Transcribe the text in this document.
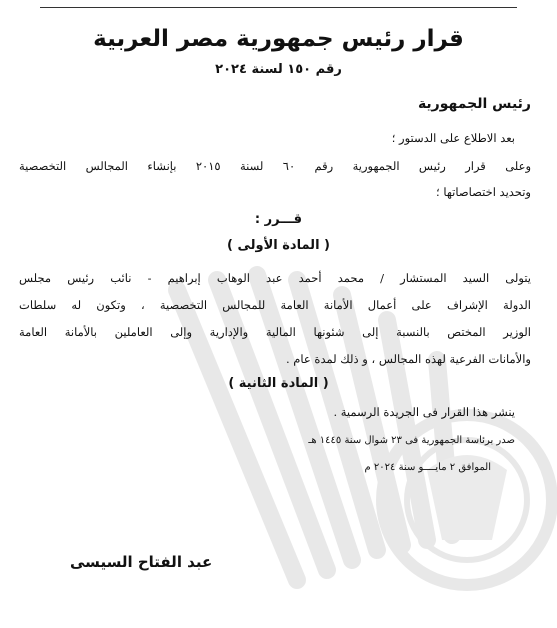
قرار رئيس جمهورية مصر العربية
رقم ١٥٠ لسنة ٢٠٢٤
رئيس الجمهورية
بعد الاطلاع على الدستور ؛
وعلى قرار رئيس الجمهورية رقم ٦٠ لسنة ٢٠١٥ بإنشاء المجالس التخصصية
وتحديد اختصاصاتها ؛
قـــرر :
( المادة الأولى )
يتولى السيد المستشار / محمد أحمد عبد الوهاب إبراهيم - نائب رئيس مجلس
الدولة الإشراف على أعمال الأمانة العامة للمجالس التخصصية ، وتكون له سلطات
الوزير المختص بالنسبة إلى شئونها المالية والإدارية وإلى العاملين بالأمانة العامة
والأمانات الفرعية لهذه المجالس ، و ذلك لمدة عام .
( المادة الثانية )
ينشر هذا القرار فى الجريدة الرسمية .
صدر برئاسة الجمهورية فى ٢٣ شوال سنة ١٤٤٥ هـ
الموافق ٢ مايــــو سنة ٢٠٢٤ م
عبد الفتاح السيسى
